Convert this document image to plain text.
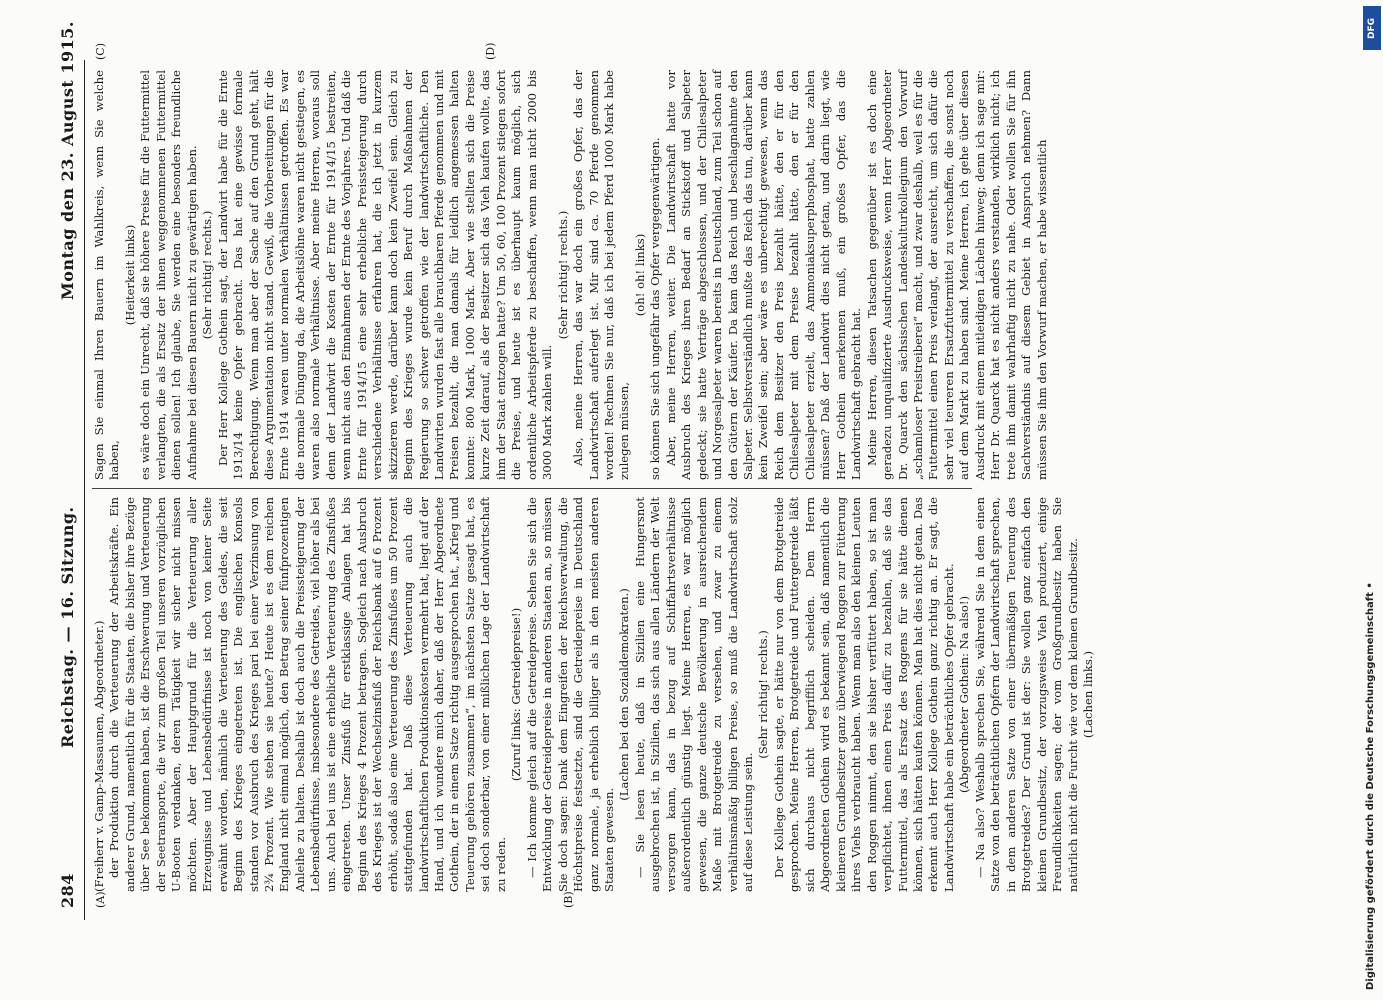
284
Reichstag. — 16. Sitzung.
Montag den 23. August 1915.
(A)	(B)
(C)	(D)

(Freiherr v. Gamp-Massaunen, Abgeordneter.) der Produktion durch die Verteuerung der Arbeitskräfte. Ein anderer Grund, namentlich für die Staaten, die bisher ihre Bezüge über See bekommen haben, ist die Erschwerung und Verteuerung der Seetransporte, die wir zum großen Teil unseren vorzüglichen U-Booten verdanken, deren Tätigkeit wir sicher nicht missen möchten. Aber der Hauptgrund für die Verteuerung aller Erzeugnisse und Lebensbedürfnisse ist noch von keiner Seite erwähnt worden, nämlich die Verteuerung des Geldes, die seit Beginn des Krieges eingetreten ist. Die englischen Konsols standen vor Ausbruch des Krieges pari bei einer Verzinsung von 2¾ Prozent. Wie stehen sie heute? Heute ist es dem reichen England nicht einmal möglich, den Betrag seiner fünfprozentigen Anleihe zu halten. Deshalb ist doch auch die Preissteigerung der Lebensbedürfnisse, insbesondere des Getreides, viel höher als bei uns. Auch bei uns ist eine erhebliche Verteuerung des Zinsfußes eingetreten. Unser Zinsfuß für erstklassige Anlagen hat bis Beginn des Krieges 4 Prozent betragen. Sogleich nach Ausbruch des Krieges ist der Wechselzinsfuß der Reichsbank auf 6 Prozent erhöht, sodaß also eine Verteuerung des Zinsfußes um 50 Prozent stattgefunden hat. Daß diese Verteuerung auch die landwirtschaftlichen Produktionskosten vermehrt hat, liegt auf der Hand, und ich wundere mich daher, daß der Herr Abgeordnete Gothein, der in einem Satze richtig ausgesprochen hat, „Krieg und Teuerung gehören zusammen“, im nächsten Satze gesagt hat, es sei doch sonderbar, von einer mißlichen Lage der Landwirtschaft zu reden.

(Zuruf links: Getreidepreise!) — Ich komme gleich auf die Getreidepreise. Sehen Sie sich die Entwicklung der Getreidepreise in anderen Staaten an, so müssen Sie doch sagen: Dank dem Eingreifen der Reichsverwaltung, die Höchstpreise festsetzte, sind die Getreidepreise in Deutschland ganz normale, ja erheblich billiger als in den meisten anderen Staaten gewesen.

(Lachen bei den Sozialdemokraten.) — Sie lesen heute, daß in Sizilien eine Hungersnot ausgebrochen ist, in Sizilien, das sich aus allen Ländern der Welt versorgen kann, das in bezug auf Schiffahrtsverhältnisse außerordentlich günstig liegt. Meine Herren, es war möglich gewesen, die ganze deutsche Bevölkerung in ausreichendem Maße mit Brotgetreide zu versehen, und zwar zu einem verhältnismäßig billigen Preise, so muß die Landwirtschaft stolz auf diese Leistung sein.

(Sehr richtig! rechts.) Der Kollege Gothein sagte, er hätte nur von dem Brotgetreide gesprochen. Meine Herren, Brotgetreide und Futtergetreide läßt sich durchaus nicht begrifflich scheiden. Dem Herrn Abgeordneten Gothein wird es bekannt sein, daß namentlich die kleineren Grundbesitzer ganz überwiegend Roggen zur Fütterung ihres Viehs verbraucht haben. Wenn man also den kleinen Leuten den Roggen nimmt, den sie bisher verfüttert haben, so ist man verpflichtet, ihnen einen Preis dafür zu bezahlen, daß sie das Futtermittel, das als Ersatz des Roggens für sie hätte dienen können, sich hätten kaufen können. Man hat dies nicht getan. Das erkennt auch Herr Kollege Gothein ganz richtig an. Er sagt, die Landwirtschaft habe ein beträchtliches Opfer gebracht. (Abgeordneter Gothein: Na also!) — Na also? Weshalb sprechen Sie, während Sie in dem einen Satze von den beträchtlichen Opfern der Landwirtschaft sprechen, in dem anderen Satze von einer übermäßigen Teuerung des Brotgetreides? Der Grund ist der: Sie wollen ganz einfach den kleinen Grundbesitz, der vorzugsweise Vieh produziert, einige Freundlichkeiten sagen; der vom Großgrundbesitz haben Sie natürlich nicht die Furcht wie vor dem kleinen Grundbesitz. (Lachen links.)

Sagen Sie einmal Ihren Bauern im Wahlkreis, wenn Sie welche haben,

(Heiterkeit links) es wäre doch ein Unrecht, daß sie höhere Preise für die Futtermittel verlangten, die als Ersatz der ihnen weggenommenen Futtermittel dienen sollen! Ich glaube, Sie werden eine besonders freundliche Aufnahme bei diesen Bauern nicht zu gewärtigen haben. (Sehr richtig! rechts.) Der Herr Kollege Gothein sagt, der Landwirt habe für die Ernte 1913/14 keine Opfer gebracht. Das hat eine gewisse formale Berechtigung. Wenn man aber der Sache auf den Grund geht, hält diese Argumentation nicht stand. Gewiß, die Vorbereitungen für die Ernte 1914 waren unter normalen Verhältnissen getroffen. Es war die normale Düngung da, die Arbeitslöhne waren nicht gestiegen, es waren also normale Verhältnisse. Aber meine Herren, woraus soll denn der Landwirt die Kosten der Ernte für 1914/15 bestreiten, wenn nicht aus den Einnahmen der Ernte des Vorjahres. Und daß die Ernte für 1914/15 eine sehr erhebliche Preissteigerung durch verschiedene Verhältnisse erfahren hat, die ich jetzt in kurzem skizzieren werde, darüber kann doch kein Zweifel sein. Gleich zu Beginn des Krieges wurde kein Beruf durch Maßnahmen der Regierung so schwer getroffen wie der landwirtschaftliche. Den Landwirten wurden fast alle brauchbaren Pferde genommen und mit Preisen bezahlt, die man damals für leidlich angemessen halten konnte: 800 Mark, 1000 Mark. Aber wie stellten sich die Preise kurze Zeit darauf, als der Besitzer sich das Vieh kaufen wollte, das ihm der Staat entzogen hatte? Um 50, 60, 100 Prozent stiegen sofort die Preise, und heute ist es überhaupt kaum möglich, sich ordentliche Arbeitspferde zu beschaffen, wenn man nicht 2000 bis 3000 Mark zahlen will.

(Sehr richtig! rechts.) Also, meine Herren, das war doch ein großes Opfer, das der Landwirtschaft auferlegt ist. Mir sind ca. 70 Pferde genommen worden! Rechnen Sie nur, daß ich bei jedem Pferd 1000 Mark habe zulegen müssen,

(oh! oh! links) so können Sie sich ungefähr das Opfer vergegenwärtigen. Aber, meine Herren, weiter. Die Landwirtschaft hatte vor Ausbruch des Krieges ihren Bedarf an Stickstoff und Salpeter gedeckt; sie hatte Verträge abgeschlossen, und der Chilesalpeter und Norgesalpeter waren bereits in Deutschland, zum Teil schon auf den Gütern der Käufer. Da kam das Reich und beschlagnahmte den Salpeter. Selbstverständlich mußte das Reich das tun, darüber kann kein Zweifel sein; aber wäre es unberechtigt gewesen, wenn das Reich dem Besitzer den Preis bezahlt hätte, den er für den Chilesalpeter mit dem Preise bezahlt hätte, den er für den Chilesalpeter erzielt, das Ammoniaksuperphosphat, hatte zahlen müssen? Daß der Landwirt dies nicht getan, und darin liegt, wie Herr Gothein anerkennen muß, ein großes Opfer, das die Landwirtschaft gebracht hat. Meine Herren, diesen Tatsachen gegenüber ist es doch eine geradezu unqualifizierte Ausdrucksweise, wenn Herr Abgeordneter Dr. Quarck den sächsischen Landeskulturkollegium den Vorwurf „schamloser Preistreiberei“ macht, und zwar deshalb, weil es für die Futtermittel einen Preis verlangt, der ausreicht, um sich dafür die sehr viel teureren Ersatzfuttermittel zu verschaffen, die sonst noch auf dem Markt zu haben sind. Meine Herren, ich gehe über diesen Ausdruck mit einem mitleidigen Lächeln hinweg; denn ich sage mir: Herr Dr. Quarck hat es nicht anders verstanden, wirklich nicht; ich trete ihm damit wahrhaftig nicht zu nahe. Oder wollen Sie für ihn Sachverständnis auf diesem Gebiet in Anspruch nehmen? Dann müssen Sie ihm den Vorwurf machen, er habe wissentlich

Digitalisierung gefördert durch die Deutsche Forschungsgemeinschaft •
DFG
